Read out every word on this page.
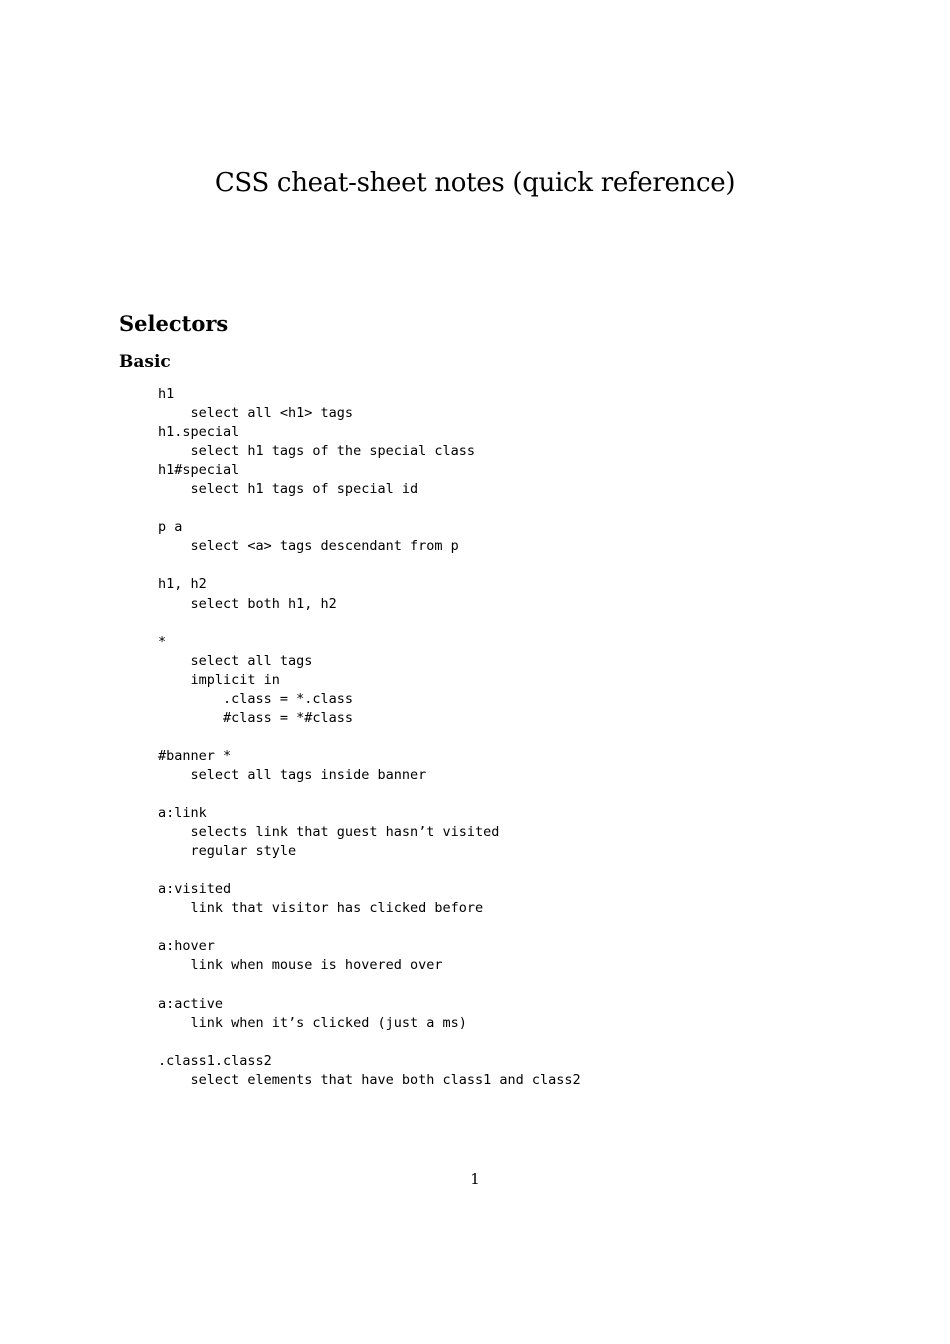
CSS cheat-sheet notes (quick reference)
Selectors
Basic
h1
select all <h1> tags
h1.special
select h1 tags of the special class
h1#special
select h1 tags of special id
p a
select <a> tags descendant from p
h1, h2
select both h1, h2
*
select all tags
implicit in
.class = *.class
#class = *#class
#banner *
select all tags inside banner
a:link
selects link that guest hasn’t visited
regular style
a:visited
link that visitor has clicked before
a:hover
link when mouse is hovered over
a:active
link when it’s clicked (just a ms)
.class1.class2
select elements that have both class1 and class2
1
